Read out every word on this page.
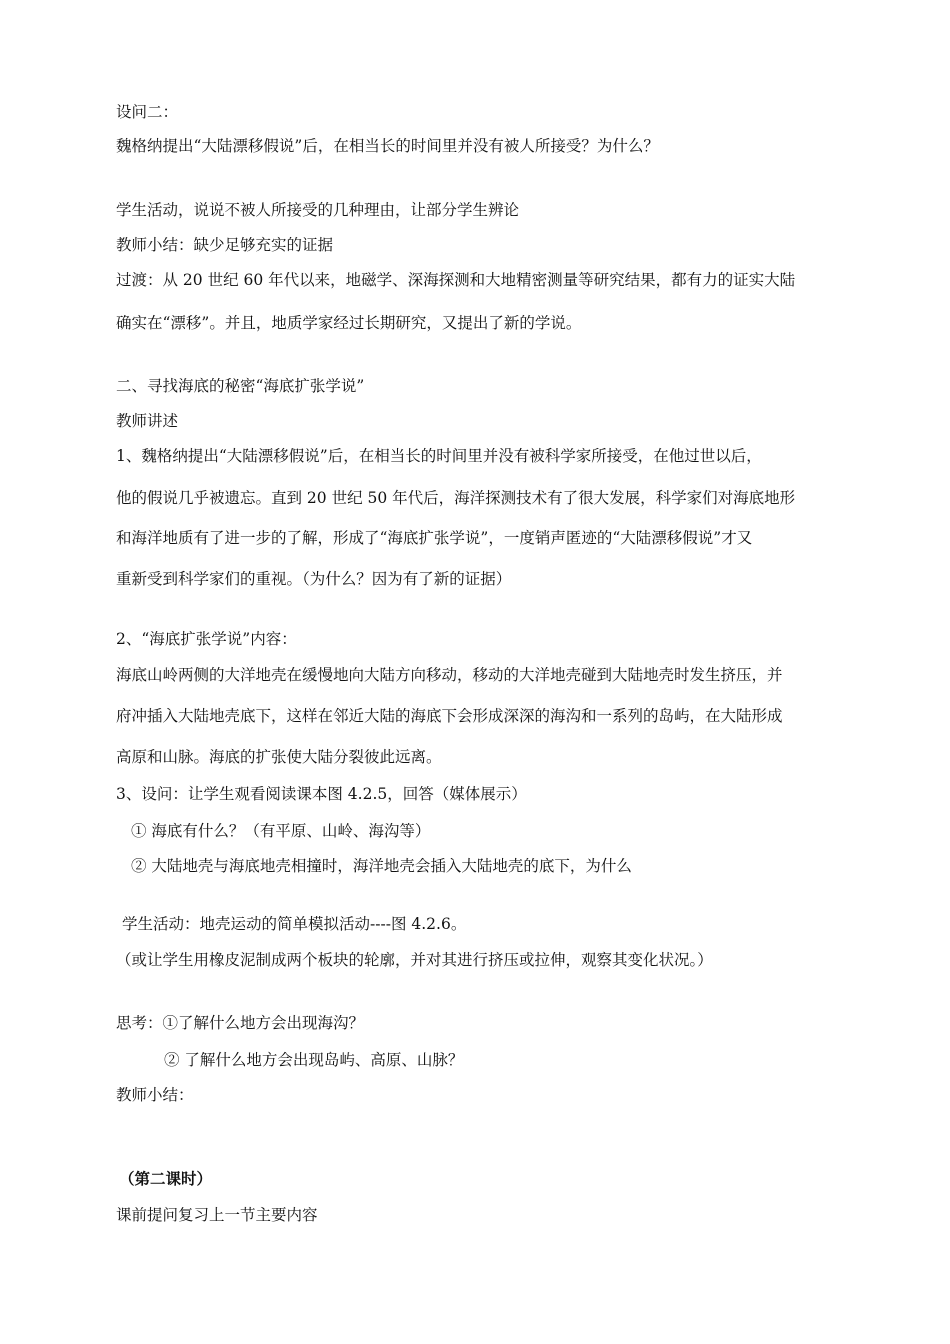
设问二：
魏格纳提出“大陆漂移假说”后，在相当长的时间里并没有被人所接受？为什么？
学生活动，说说不被人所接受的几种理由，让部分学生辨论
教师小结：缺少足够充实的证据
过渡：从 20 世纪 60 年代以来，地磁学、深海探测和大地精密测量等研究结果，都有力的证实大陆
确实在“漂移”。并且，地质学家经过长期研究，又提出了新的学说。
二、寻找海底的秘密“海底扩张学说”
教师讲述
1、魏格纳提出“大陆漂移假说”后，在相当长的时间里并没有被科学家所接受，在他过世以后，
他的假说几乎被遗忘。直到 20 世纪 50 年代后，海洋探测技术有了很大发展，科学家们对海底地形
和海洋地质有了进一步的了解，形成了“海底扩张学说”，一度销声匿迹的“大陆漂移假说”才又
重新受到科学家们的重视。（为什么？因为有了新的证据）
2、“海底扩张学说”内容：
海底山岭两侧的大洋地壳在缓慢地向大陆方向移动，移动的大洋地壳碰到大陆地壳时发生挤压，并
府冲插入大陆地壳底下，这样在邻近大陆的海底下会形成深深的海沟和一系列的岛屿，在大陆形成
高原和山脉。海底的扩张使大陆分裂彼此远离。
3、设问：让学生观看阅读课本图 4.2.5，回答（媒体展示）
① 海底有什么？（有平原、山岭、海沟等）
② 大陆地壳与海底地壳相撞时，海洋地壳会插入大陆地壳的底下，为什么
学生活动：地壳运动的简单模拟活动----图 4.2.6。
（或让学生用橡皮泥制成两个板块的轮廓，并对其进行挤压或拉伸，观察其变化状况。）
思考：①了解什么地方会出现海沟？
② 了解什么地方会出现岛屿、高原、山脉？
教师小结：
（第二课时）
课前提问复习上一节主要内容
